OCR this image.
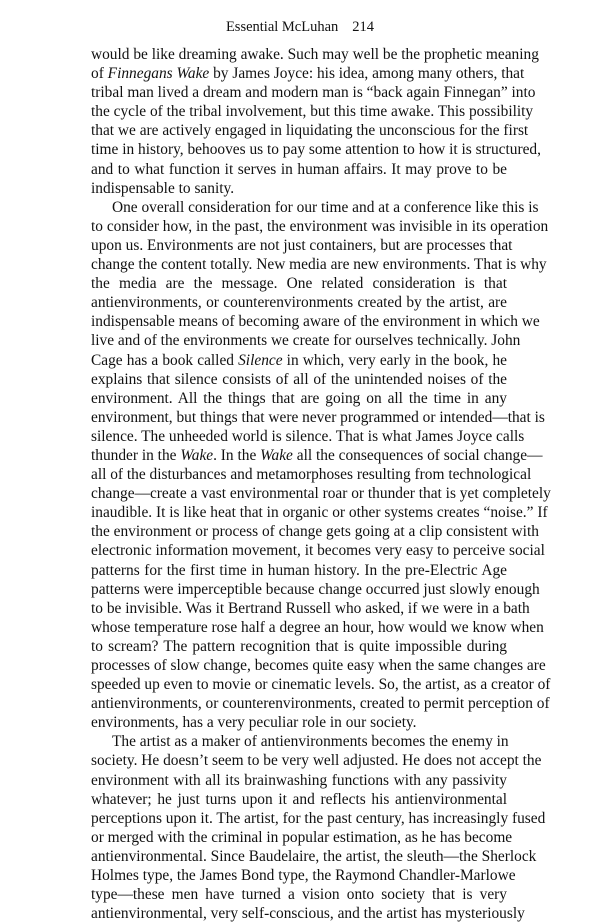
Essential McLuhan 214
would be like dreaming awake. Such may well be the prophetic meaning
of Finnegans Wake by James Joyce: his idea, among many others, that
tribal man lived a dream and modern man is “back again Finnegan” into
the cycle of the tribal involvement, but this time awake. This possibility
that we are actively engaged in liquidating the unconscious for the first
time in history, behooves us to pay some attention to how it is structured,
and to what function it serves in human affairs. It may prove to be
indispensable to sanity.
One overall consideration for our time and at a conference like this is
to consider how, in the past, the environment was invisible in its operation
upon us. Environments are not just containers, but are processes that
change the content totally. New media are new environments. That is why
the media are the message. One related consideration is that
antienvironments, or counterenvironments created by the artist, are
indispensable means of becoming aware of the environment in which we
live and of the environments we create for ourselves technically. John
Cage has a book called Silence in which, very early in the book, he
explains that silence consists of all of the unintended noises of the
environment. All the things that are going on all the time in any
environment, but things that were never programmed or intended—that is
silence. The unheeded world is silence. That is what James Joyce calls
thunder in the Wake. In the Wake all the consequences of social change—
all of the disturbances and metamorphoses resulting from technological
change—create a vast environmental roar or thunder that is yet completely
inaudible. It is like heat that in organic or other systems creates “noise.” If
the environment or process of change gets going at a clip consistent with
electronic information movement, it becomes very easy to perceive social
patterns for the first time in human history. In the pre-Electric Age
patterns were imperceptible because change occurred just slowly enough
to be invisible. Was it Bertrand Russell who asked, if we were in a bath
whose temperature rose half a degree an hour, how would we know when
to scream? The pattern recognition that is quite impossible during
processes of slow change, becomes quite easy when the same changes are
speeded up even to movie or cinematic levels. So, the artist, as a creator of
antienvironments, or counterenvironments, created to permit perception of
environments, has a very peculiar role in our society.
The artist as a maker of antienvironments becomes the enemy in
society. He doesn’t seem to be very well adjusted. He does not accept the
environment with all its brainwashing functions with any passivity
whatever; he just turns upon it and reflects his antienvironmental
perceptions upon it. The artist, for the past century, has increasingly fused
or merged with the criminal in popular estimation, as he has become
antienvironmental. Since Baudelaire, the artist, the sleuth—the Sherlock
Holmes type, the James Bond type, the Raymond Chandler-Marlowe
type—these men have turned a vision onto society that is very
antienvironmental, very self-conscious, and the artist has mysteriously
